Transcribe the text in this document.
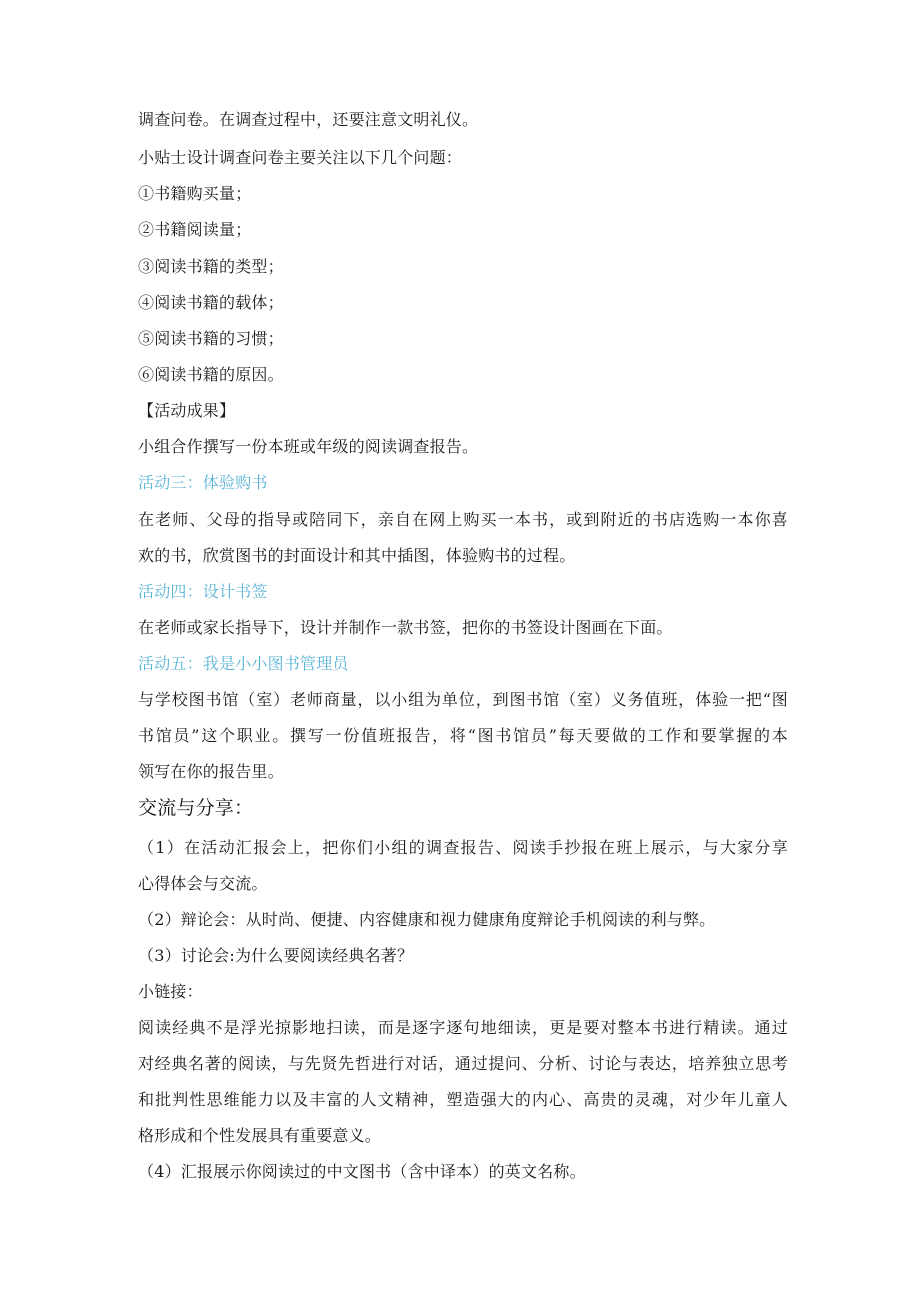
调查问卷。在调查过程中，还要注意文明礼仪。
小贴士设计调查问卷主要关注以下几个问题：
①书籍购买量；
②书籍阅读量；
③阅读书籍的类型；
④阅读书籍的载体；
⑤阅读书籍的习惯；
⑥阅读书籍的原因。
【活动成果】
小组合作撰写一份本班或年级的阅读调查报告。
活动三：体验购书
在老师、父母的指导或陪同下，亲自在网上购买一本书，或到附近的书店选购一本你喜
欢的书，欣赏图书的封面设计和其中插图，体验购书的过程。
活动四：设计书签
在老师或家长指导下，设计并制作一款书签，把你的书签设计图画在下面。
活动五：我是小小图书管理员
与学校图书馆（室）老师商量，以小组为单位，到图书馆（室）义务值班，体验一把“图
书馆员”这个职业。撰写一份值班报告，将“图书馆员”每天要做的工作和要掌握的本
领写在你的报告里。
交流与分享：
（1）在活动汇报会上，把你们小组的调查报告、阅读手抄报在班上展示，与大家分享
心得体会与交流。
（2）辩论会：从时尚、便捷、内容健康和视力健康角度辩论手机阅读的利与弊。
（3）讨论会:为什么要阅读经典名著？
小链接：
阅读经典不是浮光掠影地扫读，而是逐字逐句地细读，更是要对整本书进行精读。通过
对经典名著的阅读，与先贤先哲进行对话，通过提问、分析、讨论与表达，培养独立思考
和批判性思维能力以及丰富的人文精神，塑造强大的内心、高贵的灵魂，对少年儿童人
格形成和个性发展具有重要意义。
（4）汇报展示你阅读过的中文图书（含中译本）的英文名称。
